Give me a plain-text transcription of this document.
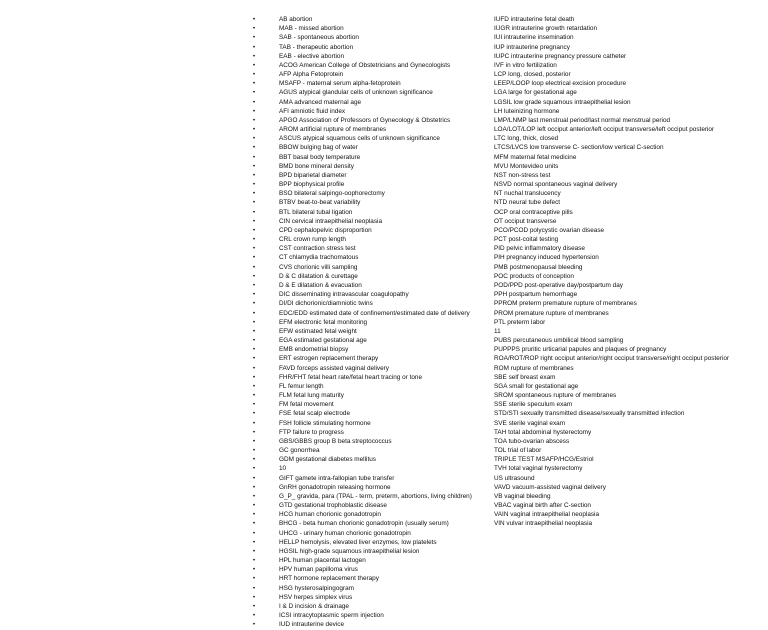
•
•
•
•
•
•
•
•
•
•
•
•
•
•
•
•
•
•
•
•
•
•
•
•
•
•
•
•
•
•
•
•
•
•
•
•
•
•
•
•
•
•
•
•
•
•
•
•
•
•
•
•
•
•
•
•
•
•
•
•
•
•
•
•
•
•
•
AB abortion
MAB - missed abortion
SAB - spontaneous abortion
TAB - therapeutic abortion
EAB - elective abortion
ACOG American College of Obstetricians and Gynecologists
AFP Alpha Fetoprotein
MSAFP - maternal serum alpha-fetoprotein
AGUS atypical glandular cells of unknown significance
AMA advanced maternal age
AFI amniotic fluid index
APGO Association of Professors of Gynecology & Obstetrics
AROM artificial rupture of membranes
ASCUS atypical squamous cells of unknown significance
BBOW bulging bag of water
BBT basal body temperature
BMD bone mineral density
BPD biparietal diameter
BPP biophysical profile
BSO bilateral salpingo-oophorectomy
BTBV beat-to-beat variability
BTL bilateral tubal ligation
CIN cervical intraepithelial neoplasia
CPD cephalopelvic disproportion
CRL crown rump length
CST contraction stress test
CT chlamydia trachomatous
CVS chorionic villi sampling
D & C dilatation & curettage
D & E dilatation & evacuation
DIC disseminating intravascular coagulopathy
DI/DI dichorionic/diamniotic twins
EDC/EDD estimated date of confinement/estimated date of delivery
EFM electronic fetal monitoring
EFW estimated fetal weight
EGA estimated gestational age
EMB endometrial biopsy
ERT estrogen replacement therapy
FAVD forceps assisted vaginal delivery
FHR/FHT fetal heart rate/fetal heart tracing or tone
FL femur length
FLM fetal lung maturity
FM fetal movement
FSE fetal scalp electrode
FSH follicle stimulating hormone
FTP failure to progress
GBS/GBBS group B beta streptococcus
GC gonorrhea
GDM gestational diabetes mellitus
10
GIFT gamete intra-fallopian tube transfer
GnRH gonadotropin releasing hormone
G_P_ gravida, para (TPAL - term, preterm, abortions, living children)
GTD gestational trophoblastic disease
HCG human chorionic gonadotropin
BHCG - beta human chorionic gonadotropin (usually serum)
UHCG - urinary human chorionic gonadotropin
HELLP hemolysis, elevated liver enzymes, low platelets
HGSIL high-grade squamous intraepithelial lesion
HPL human placental lactogen
HPV human papilloma virus
HRT hormone replacement therapy
HSG hysterosalpingogram
HSV herpes simplex virus
I & D incision & drainage
ICSI intracytoplasmic sperm injection
IUD intrauterine device
IUFD intrauterine fetal death
IUGR intrauterine growth retardation
IUI intrauterine insemination
IUP intrauterine pregnancy
IUPC intrauterine pregnancy pressure catheter
IVF in vitro fertilization
LCP long, closed, posterior
LEEP/LOOP loop electrical excision procedure
LGA large for gestational age
LGSIL low grade squamous intraepithelial lesion
LH luteinizing hormone
LMP/LNMP last menstrual period/last normal menstrual period
LOA/LOT/LOP left occiput anterior/left occiput transverse/left occiput posterior
LTC long, thick, closed
LTCS/LVCS low transverse C- section/low vertical C-section
MFM maternal fetal medicine
MVU Montevideo units
NST non-stress test
NSVD normal spontaneous vaginal delivery
NT nuchal translucency
NTD neural tube defect
OCP oral contraceptive pills
OT occiput transverse
PCO/PCOD polycystic ovarian disease
PCT post-coital testing
PID pelvic inflammatory disease
PIH pregnancy induced hypertension
PMB postmenopausal bleeding
POC products of conception
POD/PPD post-operative day/postpartum day
PPH postpartum hemorrhage
PPROM preterm premature rupture of membranes
PROM premature rupture of membranes
PTL preterm labor
11
PUBS percutaneous umbilical blood sampling
PUPPPS pruritic urticarial papules and plaques of pregnancy
ROA/ROT/ROP right occiput anterior/right occiput transverse/right occiput posterior
ROM rupture of membranes
SBE self breast exam
SGA small for gestational age
SROM spontaneous rupture of membranes
SSE sterile speculum exam
STD/STI sexually transmitted disease/sexually transmitted infection
SVE sterile vaginal exam
TAH total abdominal hysterectomy
TOA tubo-ovarian abscess
TOL trial of labor
TRIPLE TEST MSAFP/HCG/Estriol
TVH total vaginal hysterectomy
US ultrasound
VAVD vacuum-assisted vaginal delivery
VB vaginal bleeding
VBAC vaginal birth after C-section
VAIN vaginal intraepithelial neoplasia
VIN vulvar intraepithelial neoplasia
